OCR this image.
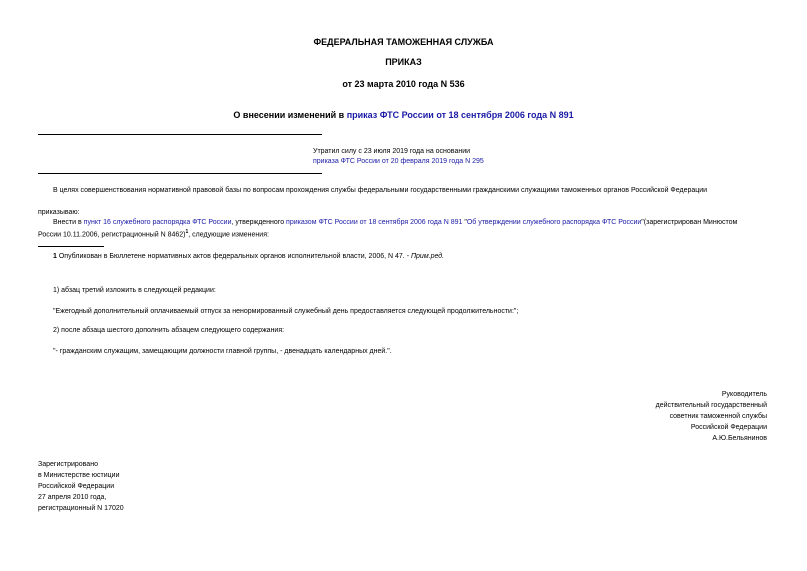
ФЕДЕРАЛЬНАЯ ТАМОЖЕННАЯ СЛУЖБА
ПРИКАЗ
от 23 марта 2010 года N 536
О внесении изменений в приказ ФТС России от 18 сентября 2006 года N 891
Утратил силу с 23 июля 2019 года на основании
приказа ФТС России от 20 февраля 2019 года N 295
В целях совершенствования нормативной правовой базы по вопросам прохождения службы федеральными государственными гражданскими служащими таможенных органов Российской Федерации
приказываю:
Внести в пункт 16 служебного распорядка ФТС России, утвержденного приказом ФТС России от 18 сентября 2006 года N 891 "Об утверждении служебного распорядка ФТС России"(зарегистрирован Минюстом
России 10.11.2006, регистрационный N 8462)$^1$, следующие изменения:
1 Опубликован в Бюллетене нормативных актов федеральных органов исполнительной власти, 2006, N 47. - Прим.ред.
1) абзац третий изложить в следующей редакции:
"Ежегодный дополнительный оплачиваемый отпуск за ненормированный служебный день предоставляется следующей продолжительности:";
2) после абзаца шестого дополнить абзацем следующего содержания:
"- гражданским служащим, замещающим должности главной группы, - двенадцать календарных дней.".
Руководитель
действительный государственный
советник таможенной службы
Российской Федерации
А.Ю.Бельянинов
Зарегистрировано
в Министерстве юстиции
Российской Федерации
27 апреля 2010 года,
регистрационный N 17020
